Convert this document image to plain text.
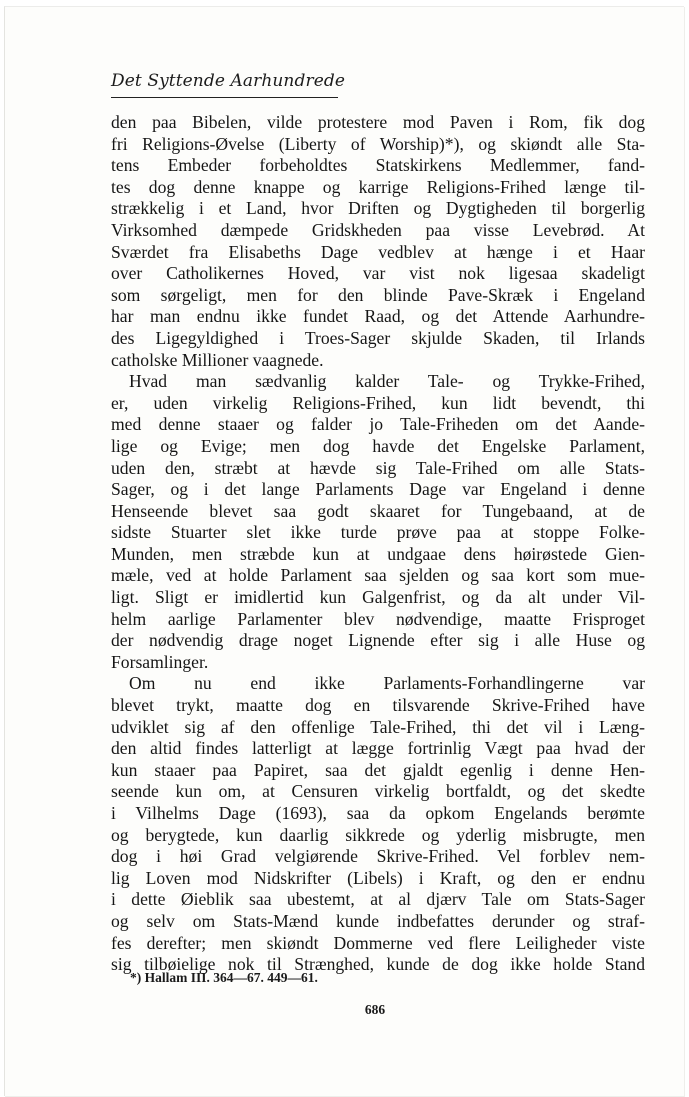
Det Syttende Aarhundrede

den paa Bibelen, vilde protestere mod Paven i Rom, fik dog
fri Religions-Øvelse (Liberty of Worship)*), og skiøndt alle Sta-
tens Embeder forbeholdtes Statskirkens Medlemmer, fand-
tes dog denne knappe og karrige Religions-Frihed længe til-
strækkelig i et Land, hvor Driften og Dygtigheden til borgerlig
Virksomhed dæmpede Gridskheden paa visse Levebrød. At
Sværdet fra Elisabeths Dage vedblev at hænge i et Haar
over Catholikernes Hoved, var vist nok ligesaa skadeligt
som sørgeligt, men for den blinde Pave-Skræk i Engeland
har man endnu ikke fundet Raad, og det Attende Aarhundre-
des Ligegyldighed i Troes-Sager skjulde Skaden, til Irlands
catholske Millioner vaagnede.
Hvad man sædvanlig kalder Tale- og Trykke-Frihed,
er, uden virkelig Religions-Frihed, kun lidt bevendt, thi
med denne staaer og falder jo Tale-Friheden om det Aande-
lige og Evige; men dog havde det Engelske Parlament,
uden den, stræbt at hævde sig Tale-Frihed om alle Stats-
Sager, og i det lange Parlaments Dage var Engeland i denne
Henseende blevet saa godt skaaret for Tungebaand, at de
sidste Stuarter slet ikke turde prøve paa at stoppe Folke-
Munden, men stræbde kun at undgaae dens høirøstede Gien-
mæle, ved at holde Parlament saa sjelden og saa kort som mue-
ligt. Sligt er imidlertid kun Galgenfrist, og da alt under Vil-
helm aarlige Parlamenter blev nødvendige, maatte Frisproget
der nødvendig drage noget Lignende efter sig i alle Huse og
Forsamlinger.
Om nu end ikke Parlaments-Forhandlingerne var
blevet trykt, maatte dog en tilsvarende Skrive-Frihed have
udviklet sig af den offenlige Tale-Frihed, thi det vil i Læng-
den altid findes latterligt at lægge fortrinlig Vægt paa hvad der
kun staaer paa Papiret, saa det gjaldt egenlig i denne Hen-
seende kun om, at Censuren virkelig bortfaldt, og det skedte
i Vilhelms Dage (1693), saa da opkom Engelands berømte
og berygtede, kun daarlig sikkrede og yderlig misbrugte, men
dog i høi Grad velgiørende Skrive-Frihed. Vel forblev nem-
lig Loven mod Nidskrifter (Libels) i Kraft, og den er endnu
i dette Øieblik saa ubestemt, at al djærv Tale om Stats-Sager
og selv om Stats-Mænd kunde indbefattes derunder og straf-
fes derefter; men skiøndt Dommerne ved flere Leiligheder viste
sig tilbøielige nok til Strænghed, kunde de dog ikke holde Stand

*) Hallam III. 364—67. 449—61.

686
